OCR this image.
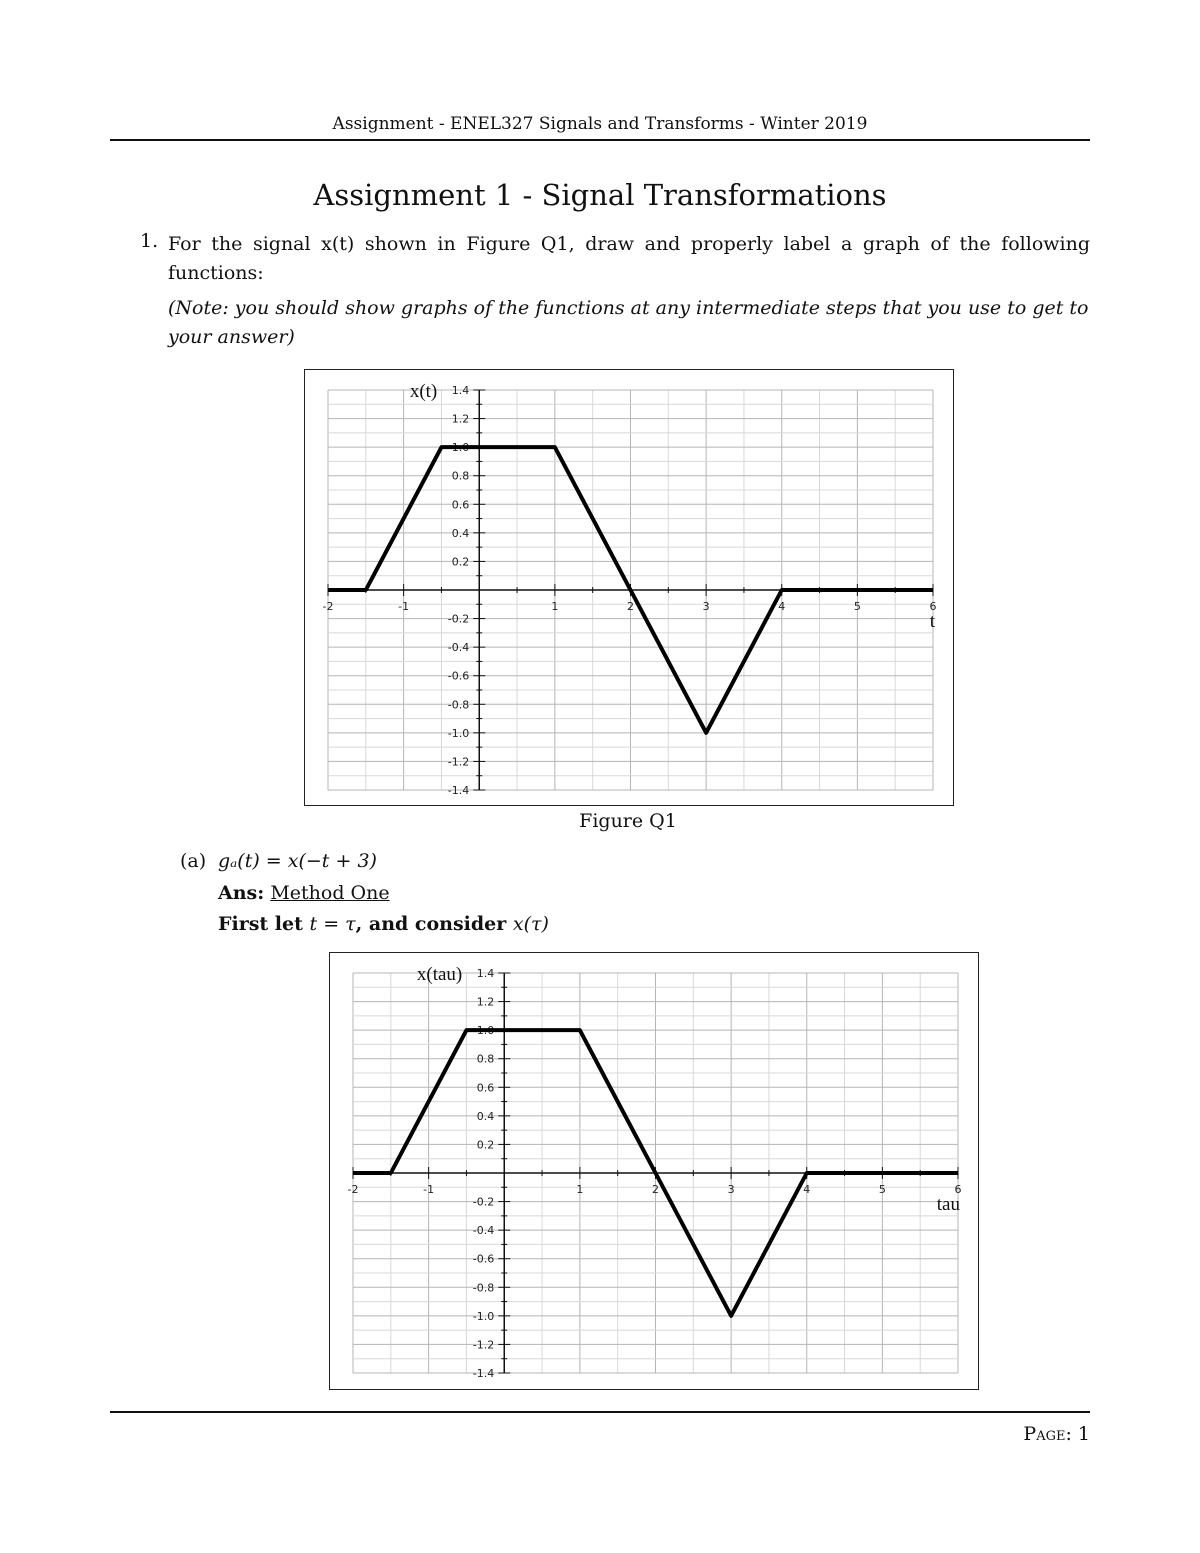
Assignment - ENEL327 Signals and Transforms - Winter 2019
Assignment 1 - Signal Transformations
1. For the signal x(t) shown in Figure Q1, draw and properly label a graph of the following functions:
(Note: you should show graphs of the functions at any intermediate steps that you use to get to your answer)
-2	-1	1	2	3	4	5	6
1.4
1.2
1.0
0.8
0.6
0.4
0.2
-0.2
-0.4
-0.6
-0.8
-1.0
-1.2
-1.4
x(t)
t
Figure Q1
(a) gₐ(t) = x(−t + 3)
Ans: Method One
First let t = τ, and consider x(τ)
-2	-1	1	2	3	4	5	6
1.4
1.2
1.0
0.8
0.6
0.4
0.2
-0.2
-0.4
-0.6
-0.8
-1.0
-1.2
-1.4
x(tau)
tau
Page: 1
